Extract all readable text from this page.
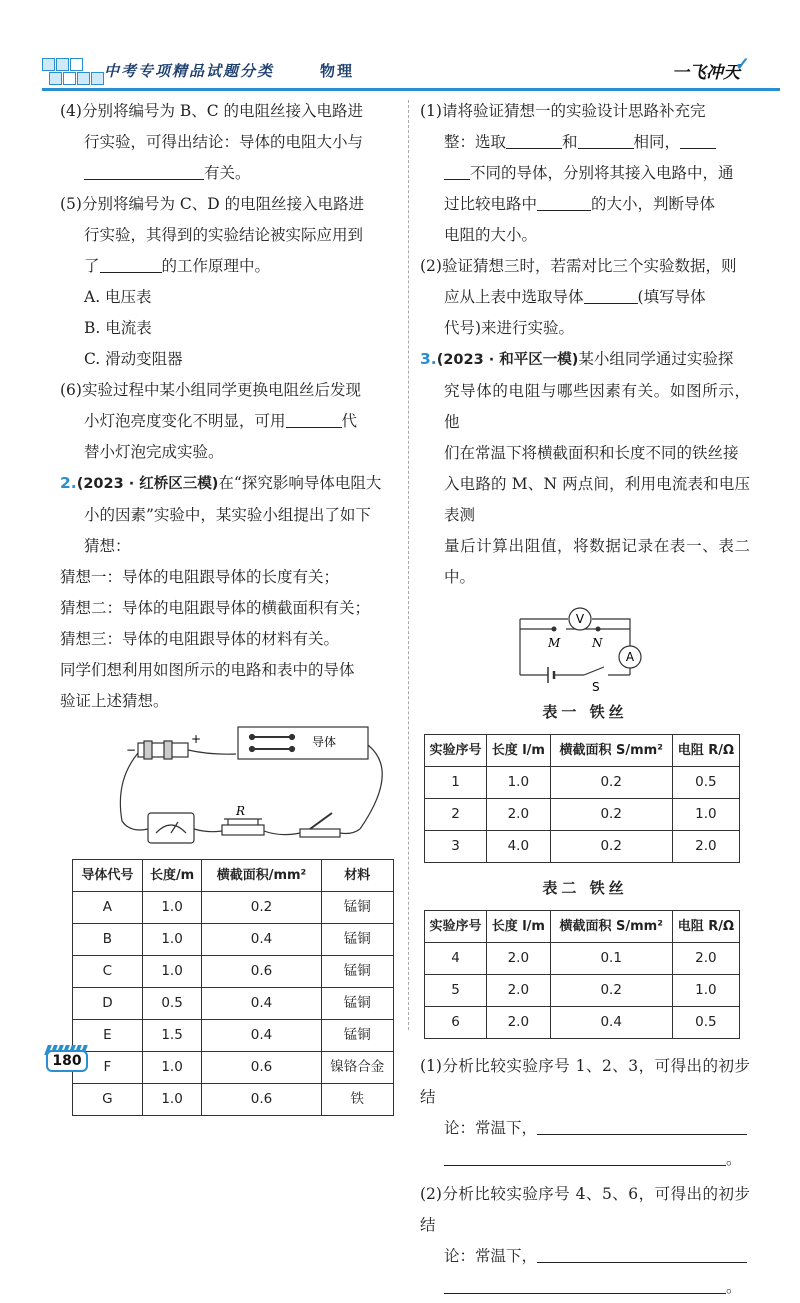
中考专项精品试题分类	物理	一飞冲天
✓
(4)分别将编号为 B、C 的电阻丝接入电路进
行实验，可得出结论：导体的电阻大小与
有关。
(5)分别将编号为 C、D 的电阻丝接入电路进
行实验，其得到的实验结论被实际应用到
了	的工作原理中。
A. 电压表
B. 电流表
C. 滑动变阻器
(6)实验过程中某小组同学更换电阻丝后发现
小灯泡亮度变化不明显，可用	代
替小灯泡完成实验。
2.(2023 · 红桥区三模)在“探究影响导体电阻大
小的因素”实验中，某实验小组提出了如下
猜想：
猜想一：导体的电阻跟导体的长度有关；
猜想二：导体的电阻跟导体的横截面积有关；
猜想三：导体的电阻跟导体的材料有关。
同学们想利用如图所示的电路和表中的导体
验证上述猜想。
−
+	导体
R
导体代号	长度/m	横截面积/mm²	材料
A	1.0	0.2	锰铜
B	1.0	0.4	锰铜
C	1.0	0.6	锰铜
D	0.5	0.4	锰铜
E	1.5	0.4	锰铜
F	1.0	0.6	镍铬合金
G	1.0	0.6	铁
(1)请将验证猜想一的实验设计思路补充完
整：选取	和	相同，
不同的导体，分别将其接入电路中，通
过比较电路中	的大小，判断导体
电阻的大小。
(2)验证猜想三时，若需对比三个实验数据，则
应从上表中选取导体	(填写导体
代号)来进行实验。
3.(2023 · 和平区一模)某小组同学通过实验探
究导体的电阻与哪些因素有关。如图所示，他
们在常温下将横截面积和长度不同的铁丝接
入电路的 M、N 两点间，利用电流表和电压表测
量后计算出阻值，将数据记录在表一、表二中。
V
A
M	N
S
表一 铁丝
实验序号	长度 l/m	横截面积 S/mm²	电阻 R/Ω
1	1.0	0.2	0.5
2	2.0	0.2	1.0
3	4.0	0.2	2.0
表二 铁丝
实验序号	长度 l/m	横截面积 S/mm²	电阻 R/Ω
4	2.0	0.1	2.0
5	2.0	0.2	1.0
6	2.0	0.4	0.5
(1)分析比较实验序号 1、2、3，可得出的初步结
论：常温下，
。
(2)分析比较实验序号 4、5、6，可得出的初步结
论：常温下，
。
180
